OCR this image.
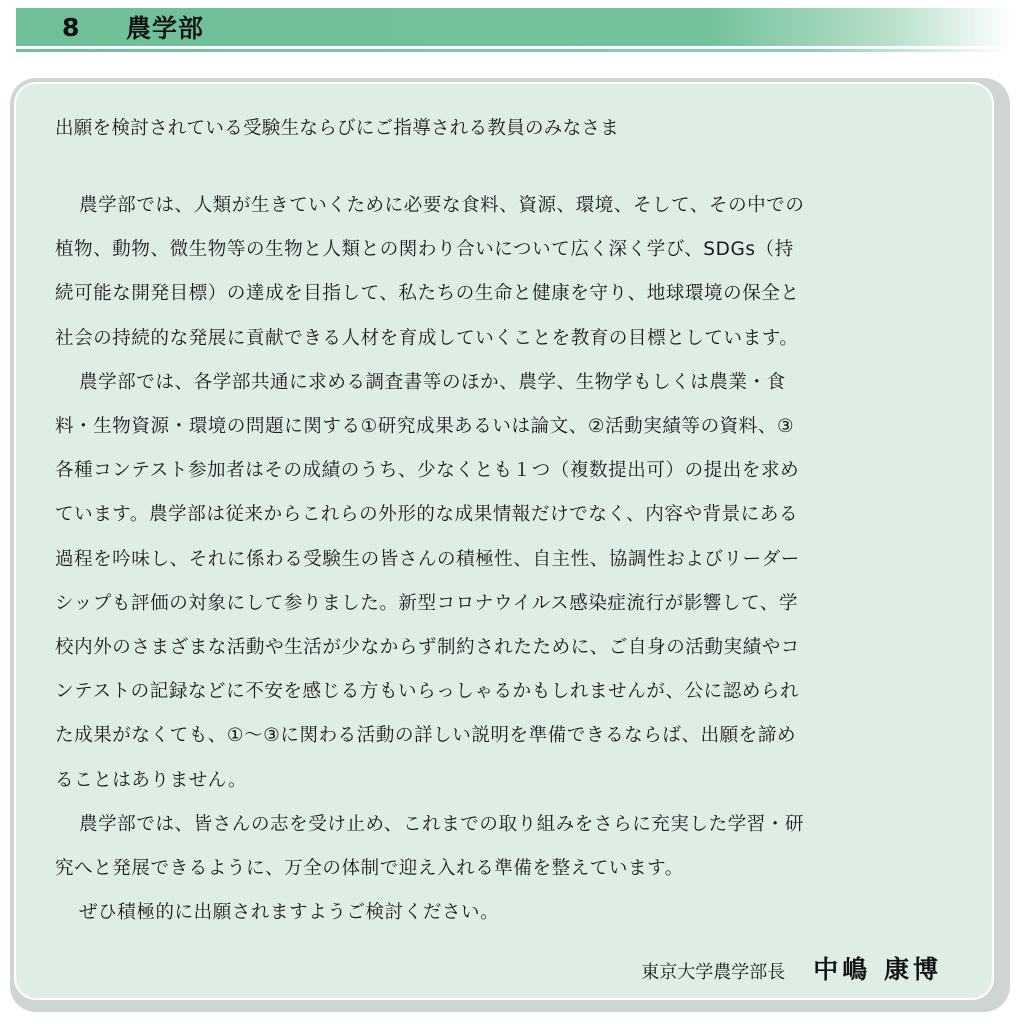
8	農学部
出願を検討されている受験生ならびにご指導される教員のみなさま

農学部では、人類が生きていくために必要な食料、資源、環境、そして、その中での
植物、動物、微生物等の生物と人類との関わり合いについて広く深く学び、SDGs（持
続可能な開発目標）の達成を目指して、私たちの生命と健康を守り、地球環境の保全と
社会の持続的な発展に貢献できる人材を育成していくことを教育の目標としています。

農学部では、各学部共通に求める調査書等のほか、農学、生物学もしくは農業・食
料・生物資源・環境の問題に関する①研究成果あるいは論文、②活動実績等の資料、③
各種コンテスト参加者はその成績のうち、少なくとも１つ（複数提出可）の提出を求め
ています。農学部は従来からこれらの外形的な成果情報だけでなく、内容や背景にある
過程を吟味し、それに係わる受験生の皆さんの積極性、自主性、協調性およびリーダー
シップも評価の対象にして参りました。新型コロナウイルス感染症流行が影響して、学
校内外のさまざまな活動や生活が少なからず制約されたために、ご自身の活動実績やコ
ンテストの記録などに不安を感じる方もいらっしゃるかもしれませんが、公に認められ
た成果がなくても、①～③に関わる活動の詳しい説明を準備できるならば、出願を諦め
ることはありません。

農学部では、皆さんの志を受け止め、これまでの取り組みをさらに充実した学習・研
究へと発展できるように、万全の体制で迎え入れる準備を整えています。

ぜひ積極的に出願されますようご検討ください。

東京大学農学部長 中嶋 康博
